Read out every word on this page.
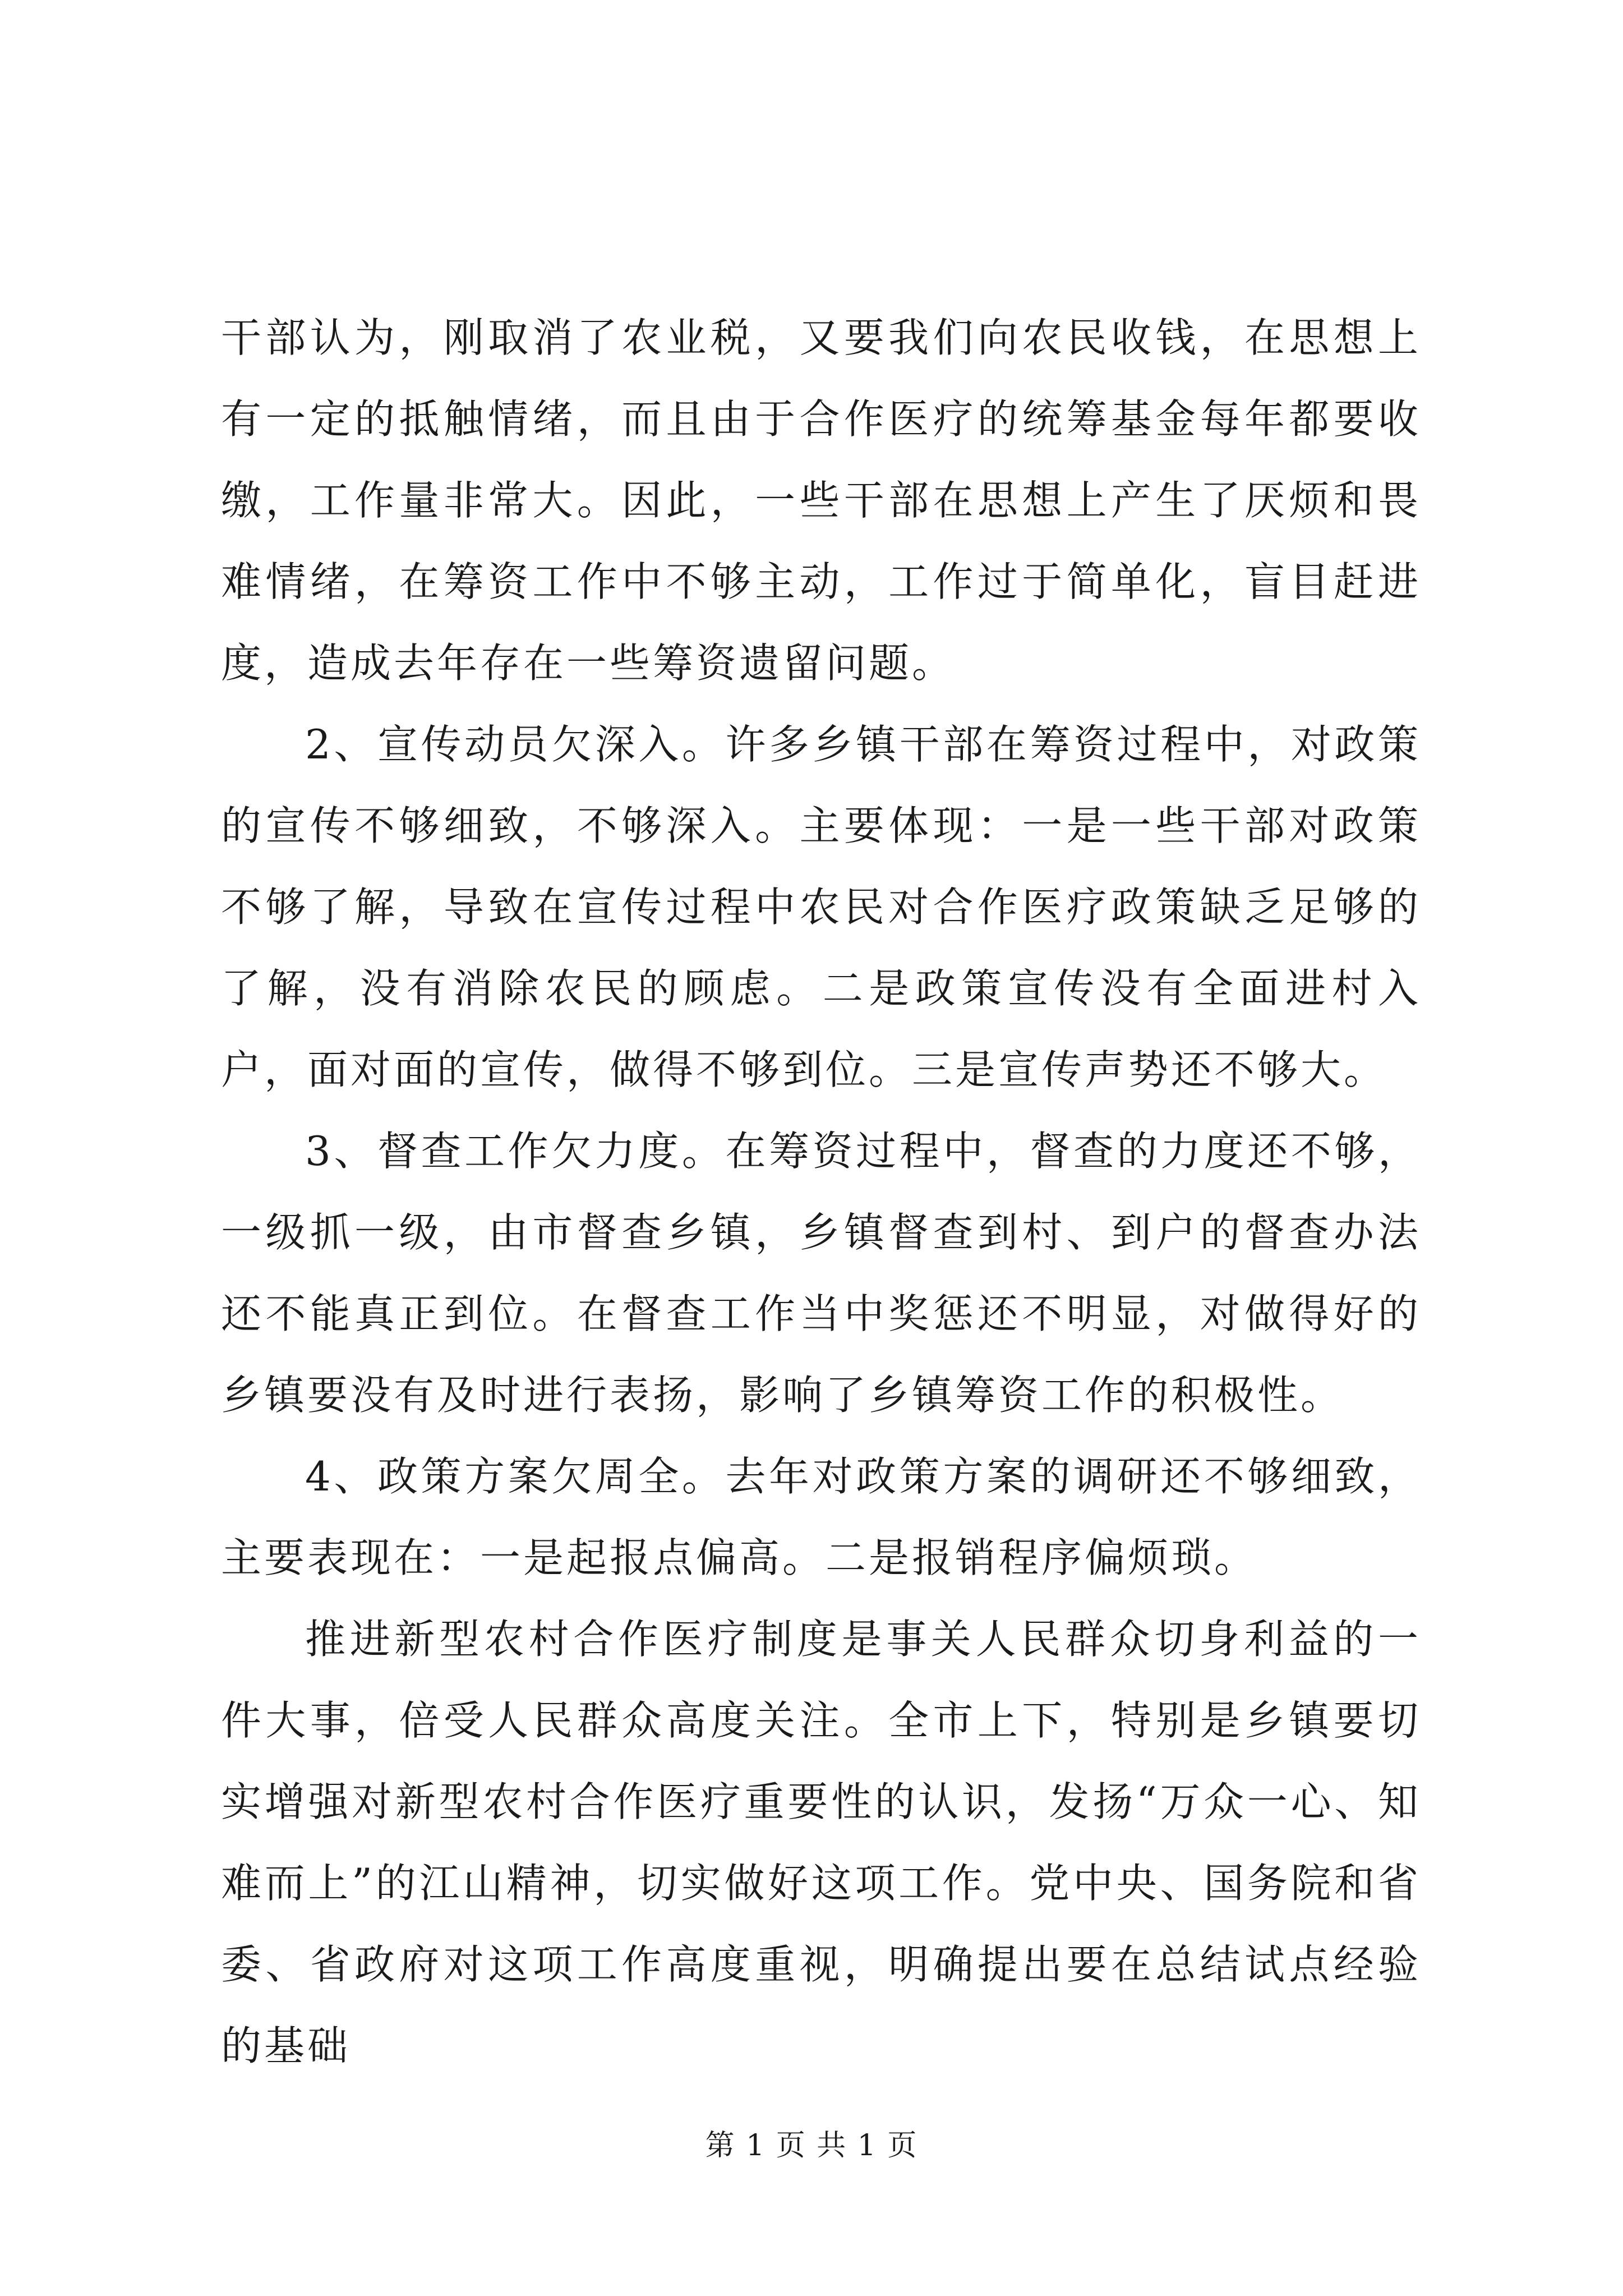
干部认为，刚取消了农业税，又要我们向农民收钱，在思想上有一定的抵触情绪，而且由于合作医疗的统筹基金每年都要收缴，工作量非常大。因此，一些干部在思想上产生了厌烦和畏难情绪，在筹资工作中不够主动，工作过于简单化，盲目赶进度，造成去年存在一些筹资遗留问题。

2、宣传动员欠深入。许多乡镇干部在筹资过程中，对政策的宣传不够细致，不够深入。主要体现：一是一些干部对政策不够了解，导致在宣传过程中农民对合作医疗政策缺乏足够的了解，没有消除农民的顾虑。二是政策宣传没有全面进村入户，面对面的宣传，做得不够到位。三是宣传声势还不够大。

3、督查工作欠力度。在筹资过程中，督查的力度还不够，一级抓一级，由市督查乡镇，乡镇督查到村、到户的督查办法还不能真正到位。在督查工作当中奖惩还不明显，对做得好的乡镇要没有及时进行表扬，影响了乡镇筹资工作的积极性。

4、政策方案欠周全。去年对政策方案的调研还不够细致，主要表现在：一是起报点偏高。二是报销程序偏烦琐。

推进新型农村合作医疗制度是事关人民群众切身利益的一件大事，倍受人民群众高度关注。全市上下，特别是乡镇要切实增强对新型农村合作医疗重要性的认识，发扬“万众一心、知难而上”的江山精神，切实做好这项工作。党中央、国务院和省委、省政府对这项工作高度重视，明确提出要在总结试点经验的基础

第 1 页 共 1 页
